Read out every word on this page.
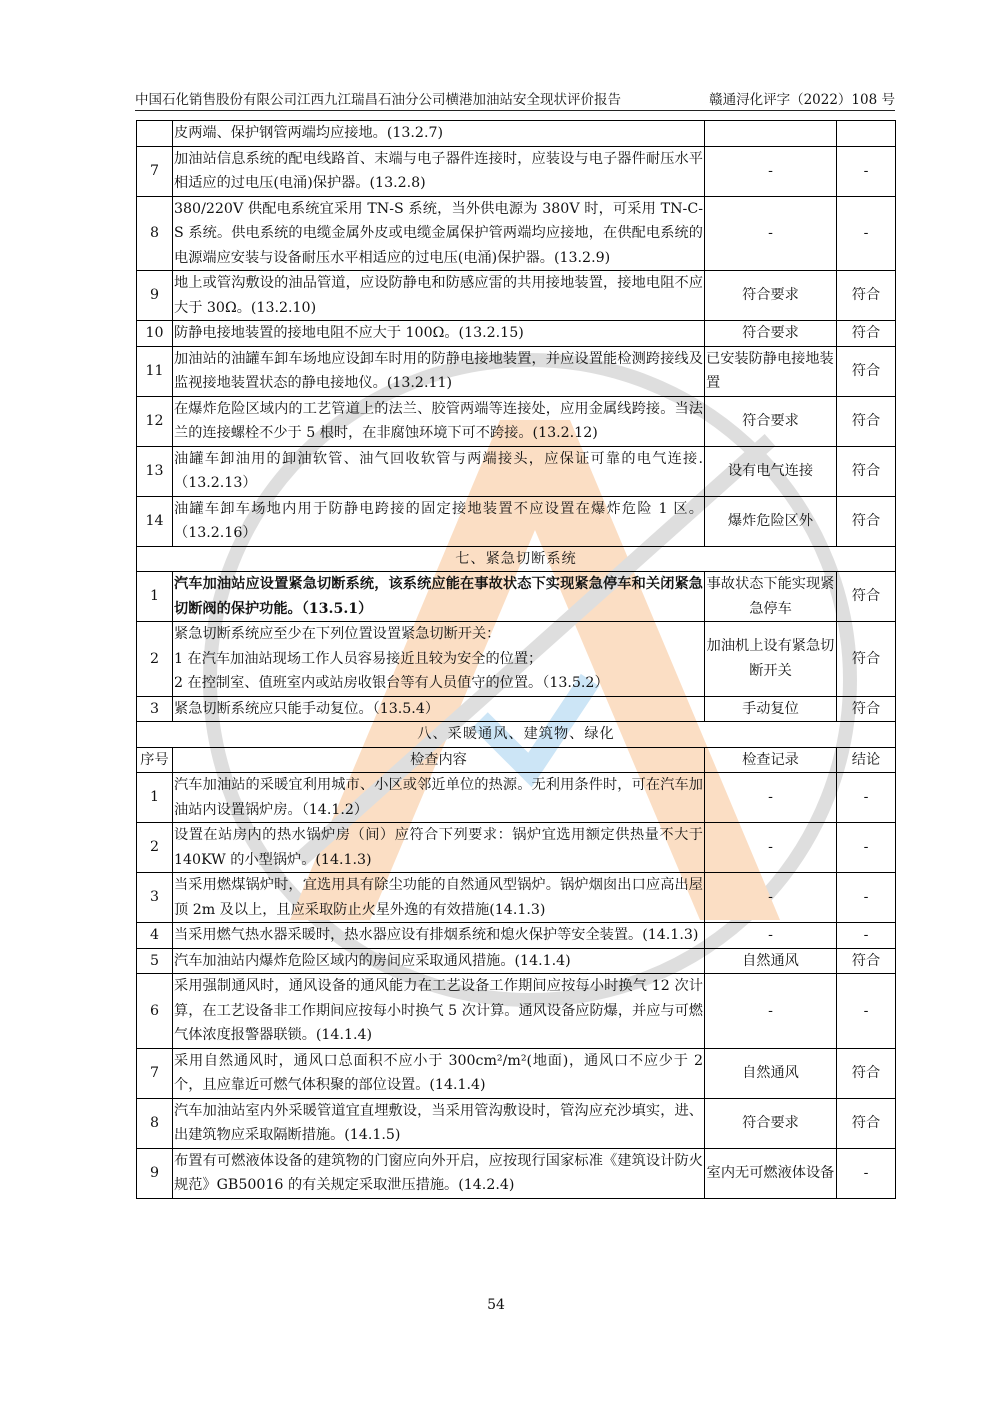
中国石化销售股份有限公司江西九江瑞昌石油分公司横港加油站安全现状评价报告	赣通浔化评字（2022）108 号
	皮两端、保护钢管两端均应接地。(13.2.7)		
7	加油站信息系统的配电线路首、末端与电子器件连接时，应装设与电子器件耐压水平相适应的过电压(电涌)保护器。(13.2.8)	-	-
8	380/220V 供配电系统宜采用 TN-S 系统，当外供电源为 380V 时，可采用 TN-C-S 系统。供电系统的电缆金属外皮或电缆金属保护管两端均应接地，在供配电系统的电源端应安装与设备耐压水平相适应的过电压(电涌)保护器。(13.2.9)	-	-
9	地上或管沟敷设的油品管道，应设防静电和防感应雷的共用接地装置，接地电阻不应大于 30Ω。(13.2.10)	符合要求	符合
10	防静电接地装置的接地电阻不应大于 100Ω。(13.2.15)	符合要求	符合
11	加油站的油罐车卸车场地应设卸车时用的防静电接地装置，并应设置能检测跨接线及监视接地装置状态的静电接地仪。(13.2.11)	已安装防静电接地装置	符合
12	在爆炸危险区域内的工艺管道上的法兰、胶管两端等连接处，应用金属线跨接。当法兰的连接螺栓不少于 5 根时，在非腐蚀环境下可不跨接。(13.2.12)	符合要求	符合
13	油罐车卸油用的卸油软管、油气回收软管与两端接头，应保证可靠的电气连接.（13.2.13）	设有电气连接	符合
14	油罐车卸车场地内用于防静电跨接的固定接地装置不应设置在爆炸危险 1 区。（13.2.16）	爆炸危险区外	符合
七、紧急切断系统			
1	汽车加油站应设置紧急切断系统，该系统应能在事故状态下实现紧急停车和关闭紧急切断阀的保护功能。（13.5.1）	事故状态下能实现紧急停车	符合
2	紧急切断系统应至少在下列位置设置紧急切断开关：
1 在汽车加油站现场工作人员容易接近且较为安全的位置；
2 在控制室、值班室内或站房收银台等有人员值守的位置。（13.5.2）	加油机上设有紧急切断开关	符合
3	紧急切断系统应只能手动复位。（13.5.4）	手动复位	符合
八、采暖通风、建筑物、绿化			
序号	检查内容	检查记录	结论
1	汽车加油站的采暖宜利用城市、小区或邻近单位的热源。无利用条件时，可在汽车加油站内设置锅炉房。（14.1.2）	-	-
2	设置在站房内的热水锅炉房（间）应符合下列要求：锅炉宜选用额定供热量不大于 140KW 的小型锅炉。(14.1.3)	-	-
3	当采用燃煤锅炉时，宜选用具有除尘功能的自然通风型锅炉。锅炉烟囱出口应高出屋顶 2m 及以上，且应采取防止火星外逸的有效措施(14.1.3)	-	-
4	当采用燃气热水器采暖时，热水器应设有排烟系统和熄火保护等安全装置。(14.1.3)	-	-
5	汽车加油站内爆炸危险区域内的房间应采取通风措施。(14.1.4)	自然通风	符合
6	采用强制通风时，通风设备的通风能力在工艺设备工作期间应按每小时换气 12 次计算，在工艺设备非工作期间应按每小时换气 5 次计算。通风设备应防爆，并应与可燃气体浓度报警器联锁。(14.1.4)	-	-
7	采用自然通风时，通风口总面积不应小于 300cm²/m²(地面)，通风口不应少于 2 个，且应靠近可燃气体积聚的部位设置。(14.1.4)	自然通风	符合
8	汽车加油站室内外采暖管道宜直埋敷设，当采用管沟敷设时，管沟应充沙填实，进、出建筑物应采取隔断措施。(14.1.5)	符合要求	符合
9	布置有可燃液体设备的建筑物的门窗应向外开启，应按现行国家标准《建筑设计防火规范》GB50016 的有关规定采取泄压措施。(14.2.4)	室内无可燃液体设备	-
54
